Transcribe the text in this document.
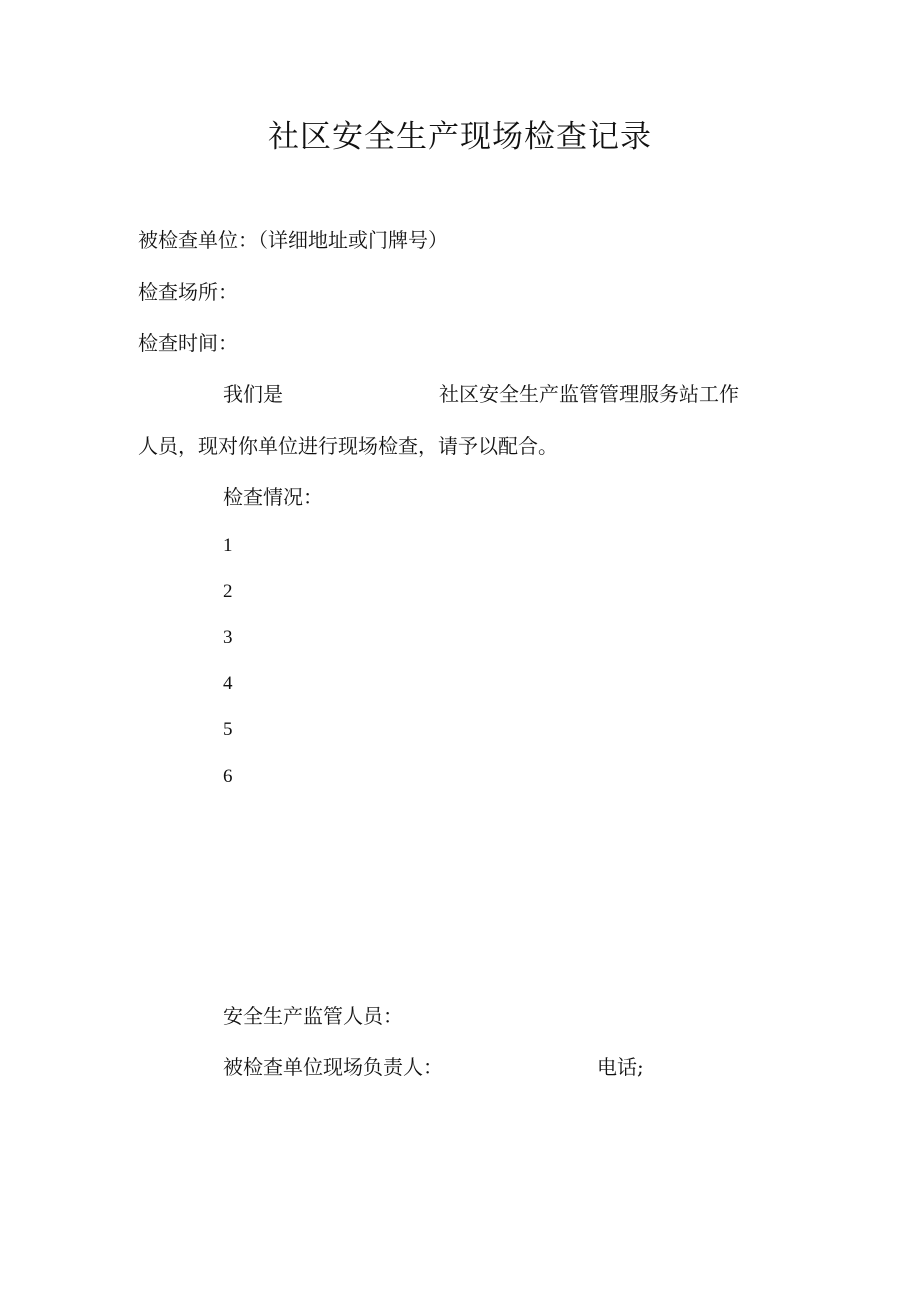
社区安全生产现场检查记录
被检查单位：（详细地址或门牌号）
检查场所：
检查时间：
我们是	社区安全生产监管管理服务站工作
人员，现对你单位进行现场检查，请予以配合。
检查情况：
1
2
3
4
5
6
安全生产监管人员：
被检查单位现场负责人：	电话;
